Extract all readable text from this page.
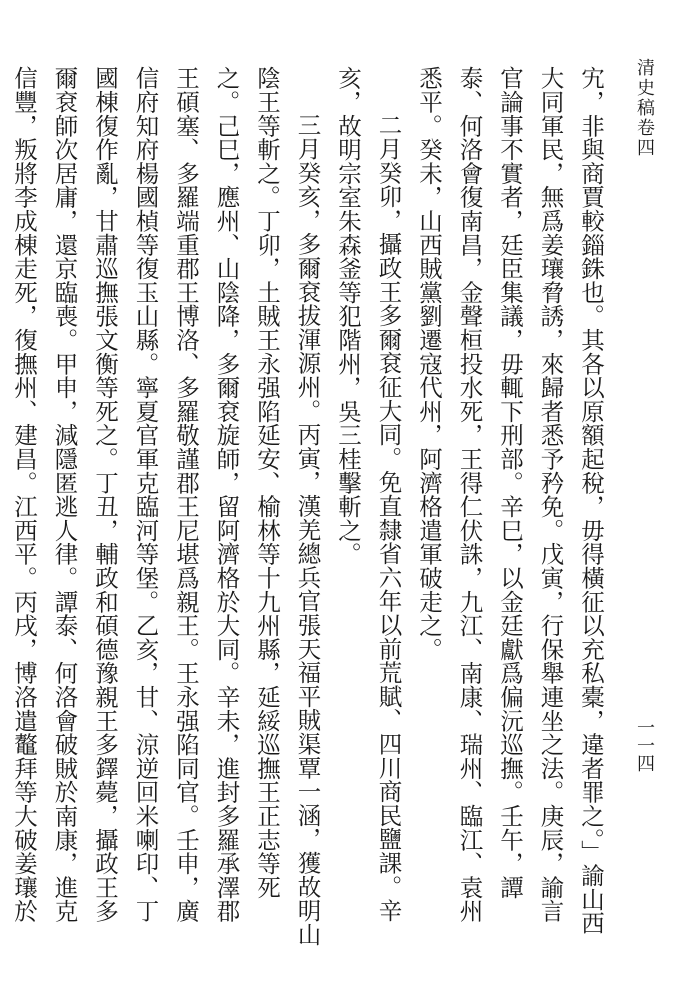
清史稿卷四
一一四

宄，非與商賈較錙銖也。其各以原額起稅，毋得橫征以充私橐，違者罪之。」諭山西大同軍民，無爲姜瓖脅誘，來歸者悉予矜免。戊寅，行保舉連坐之法。庚辰，諭言官論事不實者，廷臣集議，毋輒下刑部。辛巳，以金廷獻爲偏沅巡撫。壬午，譚泰、何洛會復南昌，金聲桓投水死，王得仁伏誅，九江、南康、瑞州、臨江、袁州悉平。癸未，山西賊黨劉遷寇代州，阿濟格遣軍破走之。

二月癸卯，攝政王多爾袞征大同。免直隸省六年以前荒賦、四川商民鹽課。辛亥，故明宗室朱森釜等犯階州，吳三桂擊斬之。

三月癸亥，多爾袞拔渾源州。丙寅，漢羌總兵官張天福平賊渠覃一涵，獲故明山陰王等斬之。丁卯，土賊王永强陷延安、榆林等十九州縣，延綏巡撫王正志等死之。己巳，應州、山陰降，多爾袞旋師，留阿濟格於大同。辛未，進封多羅承澤郡王碩塞、多羅端重郡王博洛、多羅敬謹郡王尼堪爲親王。王永强陷同官。壬申，廣信府知府楊國楨等復玉山縣。寧夏官軍克臨河等堡。乙亥，甘、涼逆回米喇印、丁國棟復作亂，甘肅巡撫張文衡等死之。丁丑，輔政和碩德豫親王多鐸薨，攝政王多爾袞師次居庸，還京臨喪。甲申，減隱匿逃人律。譚泰、何洛會破賊於南康，進克信豐，叛將李成棟走死，復撫州、建昌。江西平。丙戌，博洛遣鼇拜等大破姜瓖於
